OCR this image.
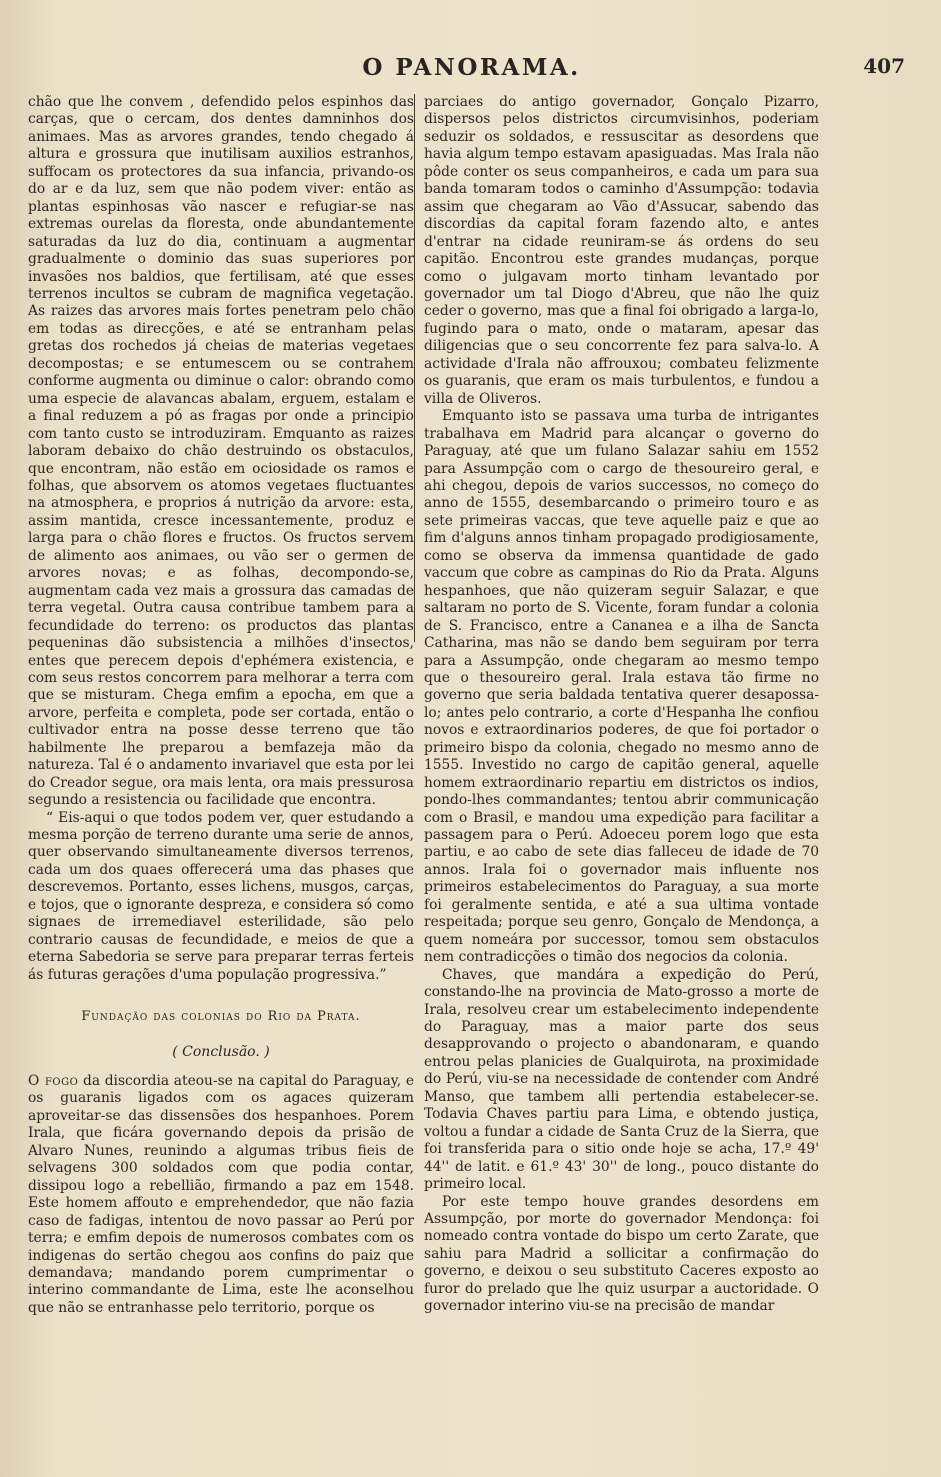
O PANORAMA.	407

chão que lhe convem , defendido pelos espinhos das carças, que o cercam, dos dentes damninhos dos animaes. Mas as arvores grandes, tendo chegado á altura e grossura que inutilisam auxilios estranhos, suffocam os protectores da sua infancia, privando-os do ar e da luz, sem que não podem viver: então as plantas espinhosas vão nascer e refugiar-se nas extremas ourelas da floresta, onde abundantemente saturadas da luz do dia, continuam a augmentar gradualmente o dominio das suas superiores por invasões nos baldios, que fertilisam, até que esses terrenos incultos se cubram de magnifica vegetação. As raizes das arvores mais fortes penetram pelo chão em todas as direcções, e até se entranham pelas gretas dos rochedos já cheias de materias vegetaes decompostas; e se entumescem ou se contrahem conforme augmenta ou diminue o calor: obrando como uma especie de alavancas abalam, erguem, estalam e a final reduzem a pó as fragas por onde a principio com tanto custo se introduziram. Emquanto as raizes laboram debaixo do chão destruindo os obstaculos, que encontram, não estão em ociosidade os ramos e folhas, que absorvem os atomos vegetaes fluctuantes na atmosphera, e proprios á nutrição da arvore: esta, assim mantida, cresce incessantemente, produz e larga para o chão flores e fructos. Os fructos servem de alimento aos animaes, ou vão ser o germen de arvores novas; e as folhas, decompondo-se, augmentam cada vez mais a grossura das camadas de terra vegetal. Outra causa contribue tambem para a fecundidade do terreno: os productos das plantas pequeninas dão subsistencia a milhões d'insectos, entes que perecem depois d'ephémera existencia, e com seus restos concorrem para melhorar a terra com que se misturam. Chega emfim a epocha, em que a arvore, perfeita e completa, pode ser cortada, então o cultivador entra na posse desse terreno que tão habilmente lhe preparou a bemfazeja mão da natureza. Tal é o andamento invariavel que esta por lei do Creador segue, ora mais lenta, ora mais pressurosa segundo a resistencia ou facilidade que encontra.

“ Eis-aqui o que todos podem ver, quer estudando a mesma porção de terreno durante uma serie de annos, quer observando simultaneamente diversos terrenos, cada um dos quaes offerecerá uma das phases que descrevemos. Portanto, esses lichens, musgos, carças, e tojos, que o ignorante despreza, e considera só como signaes de irremediavel esterilidade, são pelo contrario causas de fecundidade, e meios de que a eterna Sabedoria se serve para preparar terras ferteis ás futuras gerações d'uma população progressiva.”

Fundação das colonias do Rio da Prata.
( Conclusão. )

O fogo da discordia ateou-se na capital do Paraguay, e os guaranis ligados com os agaces quizeram aproveitar-se das dissensões dos hespanhoes. Porem Irala, que ficára governando depois da prisão de Alvaro Nunes, reunindo a algumas tribus fieis de selvagens 300 soldados com que podia contar, dissipou logo a rebellião, firmando a paz em 1548. Este homem affouto e emprehendedor, que não fazia caso de fadigas, intentou de novo passar ao Perú por terra; e emfim depois de numerosos combates com os indigenas do sertão chegou aos confins do paiz que demandava; mandando porem cumprimentar o interino commandante de Lima, este lhe aconselhou que não se entranhasse pelo territorio, porque os

parciaes do antigo governador, Gonçalo Pizarro, dispersos pelos districtos circumvisinhos, poderiam seduzir os soldados, e ressuscitar as desordens que havia algum tempo estavam apasiguadas. Mas Irala não pôde conter os seus companheiros, e cada um para sua banda tomaram todos o caminho d'Assumpção: todavia assim que chegaram ao Vão d'Assucar, sabendo das discordias da capital foram fazendo alto, e antes d'entrar na cidade reuniram-se ás ordens do seu capitão. Encontrou este grandes mudanças, porque como o julgavam morto tinham levantado por governador um tal Diogo d'Abreu, que não lhe quiz ceder o governo, mas que a final foi obrigado a larga-lo, fugindo para o mato, onde o mataram, apesar das diligencias que o seu concorrente fez para salva-lo. A actividade d'Irala não affrouxou; combateu felizmente os guaranis, que eram os mais turbulentos, e fundou a villa de Oliveros.

Emquanto isto se passava uma turba de intrigantes trabalhava em Madrid para alcançar o governo do Paraguay, até que um fulano Salazar sahiu em 1552 para Assumpção com o cargo de thesoureiro geral, e ahi chegou, depois de varios successos, no começo do anno de 1555, desembarcando o primeiro touro e as sete primeiras vaccas, que teve aquelle paiz e que ao fim d'alguns annos tinham propagado prodigiosamente, como se observa da immensa quantidade de gado vaccum que cobre as campinas do Rio da Prata. Alguns hespanhoes, que não quizeram seguir Salazar, e que saltaram no porto de S. Vicente, foram fundar a colonia de S. Francisco, entre a Cananea e a ilha de Sancta Catharina, mas não se dando bem seguiram por terra para a Assumpção, onde chegaram ao mesmo tempo que o thesoureiro geral. Irala estava tão firme no governo que seria baldada tentativa querer desapossa-lo; antes pelo contrario, a corte d'Hespanha lhe confiou novos e extraordinarios poderes, de que foi portador o primeiro bispo da colonia, chegado no mesmo anno de 1555. Investido no cargo de capitão general, aquelle homem extraordinario repartiu em districtos os indios, pondo-lhes commandantes; tentou abrir communicação com o Brasil, e mandou uma expedição para facilitar a passagem para o Perú. Adoeceu porem logo que esta partiu, e ao cabo de sete dias falleceu de idade de 70 annos. Irala foi o governador mais influente nos primeiros estabelecimentos do Paraguay, a sua morte foi geralmente sentida, e até a sua ultima vontade respeitada; porque seu genro, Gonçalo de Mendonça, a quem nomeára por successor, tomou sem obstaculos nem contradicções o timão dos negocios da colonia.

Chaves, que mandára a expedição do Perú, constando-lhe na provincia de Mato-grosso a morte de Irala, resolveu crear um estabelecimento independente do Paraguay, mas a maior parte dos seus desapprovando o projecto o abandonaram, e quando entrou pelas planicies de Gualquirota, na proximidade do Perú, viu-se na necessidade de contender com André Manso, que tambem alli pertendia estabelecer-se. Todavia Chaves partiu para Lima, e obtendo justiça, voltou a fundar a cidade de Santa Cruz de la Sierra, que foi transferida para o sitio onde hoje se acha, 17.º 49' 44'' de latit. e 61.º 43' 30'' de long., pouco distante do primeiro local.

Por este tempo houve grandes desordens em Assumpção, por morte do governador Mendonça: foi nomeado contra vontade do bispo um certo Zarate, que sahiu para Madrid a sollicitar a confirmação do governo, e deixou o seu substituto Caceres exposto ao furor do prelado que lhe quiz usurpar a auctoridade. O governador interino viu-se na precisão de mandar
